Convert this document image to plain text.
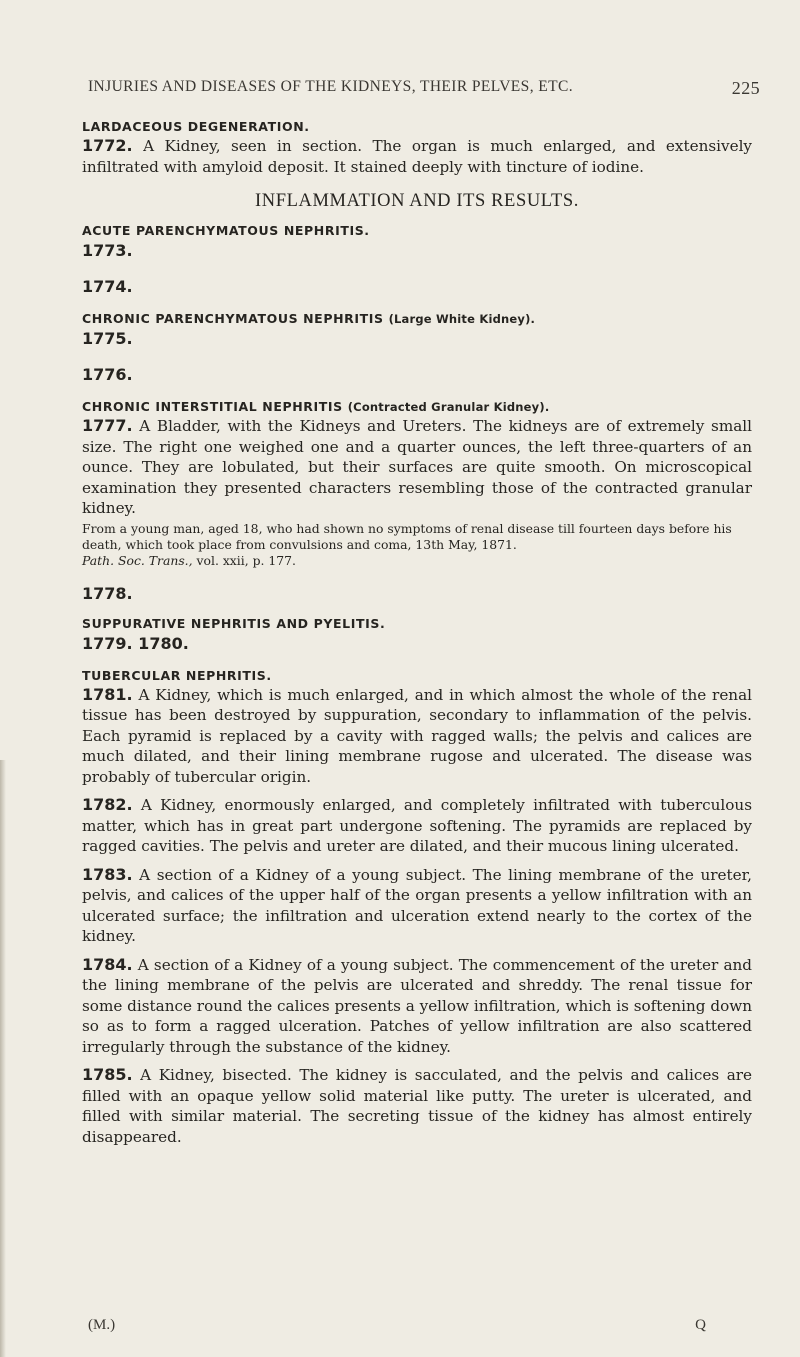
INJURIES AND DISEASES OF THE KIDNEYS, THEIR PELVES, ETC.	225

LARDACEOUS DEGENERATION.

1772. A Kidney, seen in section. The organ is much enlarged, and extensively infiltrated with amyloid deposit. It stained deeply with tincture of iodine.

INFLAMMATION AND ITS RESULTS.

ACUTE PARENCHYMATOUS NEPHRITIS.

1773.

1774.

CHRONIC PARENCHYMATOUS NEPHRITIS (Large White Kidney).

1775.

1776.

CHRONIC INTERSTITIAL NEPHRITIS (Contracted Granular Kidney).

1777. A Bladder, with the Kidneys and Ureters. The kidneys are of extremely small size. The right one weighed one and a quarter ounces, the left three-quarters of an ounce. They are lobulated, but their surfaces are quite smooth. On microscopical examination they presented characters resembling those of the contracted granular kidney.

From a young man, aged 18, who had shown no symptoms of renal disease till fourteen days before his death, which took place from convulsions and coma, 13th May, 1871.
Path. Soc. Trans., vol. xxii, p. 177.

1778.

SUPPURATIVE NEPHRITIS AND PYELITIS.

1779. 1780.

TUBERCULAR NEPHRITIS.

1781. A Kidney, which is much enlarged, and in which almost the whole of the renal tissue has been destroyed by suppuration, secondary to inflammation of the pelvis. Each pyramid is replaced by a cavity with ragged walls; the pelvis and calices are much dilated, and their lining membrane rugose and ulcerated. The disease was probably of tubercular origin.

1782. A Kidney, enormously enlarged, and completely infiltrated with tuberculous matter, which has in great part undergone softening. The pyramids are replaced by ragged cavities. The pelvis and ureter are dilated, and their mucous lining ulcerated.

1783. A section of a Kidney of a young subject. The lining membrane of the ureter, pelvis, and calices of the upper half of the organ presents a yellow infiltration with an ulcerated surface; the infiltration and ulceration extend nearly to the cortex of the kidney.

1784. A section of a Kidney of a young subject. The commencement of the ureter and the lining membrane of the pelvis are ulcerated and shreddy. The renal tissue for some distance round the calices presents a yellow infiltration, which is softening down so as to form a ragged ulceration. Patches of yellow infiltration are also scattered irregularly through the substance of the kidney.

1785. A Kidney, bisected. The kidney is sacculated, and the pelvis and calices are filled with an opaque yellow solid material like putty. The ureter is ulcerated, and filled with similar material. The secreting tissue of the kidney has almost entirely disappeared.

(M.)	Q
